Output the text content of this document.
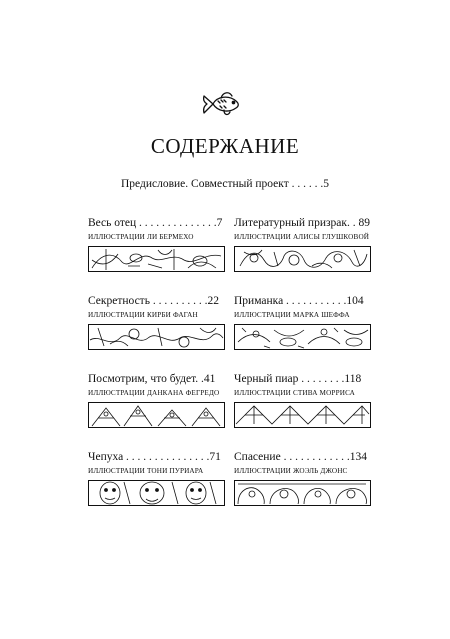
СОДЕРЖАНИЕ
Предисловие. Совместный проект . . . . . .5
Весь отец . . . . . . . . . . . . . .7
ИЛЛЮСТРАЦИИ ЛИ БЕРМЕХО
Литературный призрак. . 89
ИЛЛЮСТРАЦИИ АЛИСЫ ГЛУШКОВОЙ
Секретность . . . . . . . . . .22
ИЛЛЮСТРАЦИИ КИРБИ ФАГАН
Приманка . . . . . . . . . . .104
ИЛЛЮСТРАЦИИ МАРКА ШЕФФА
Посмотрим, что будет. .41
ИЛЛЮСТРАЦИИ ДАНКАНА ФЕГРЕДО
Черный пиар . . . . . . . .118
ИЛЛЮСТРАЦИИ СТИВА МОРРИСА
Чепуха . . . . . . . . . . . . . . .71
ИЛЛЮСТРАЦИИ ТОНИ ПУРИАРА
Спасение . . . . . . . . . . . .134
ИЛЛЮСТРАЦИИ ЖОЭЛЬ ДЖОНС
